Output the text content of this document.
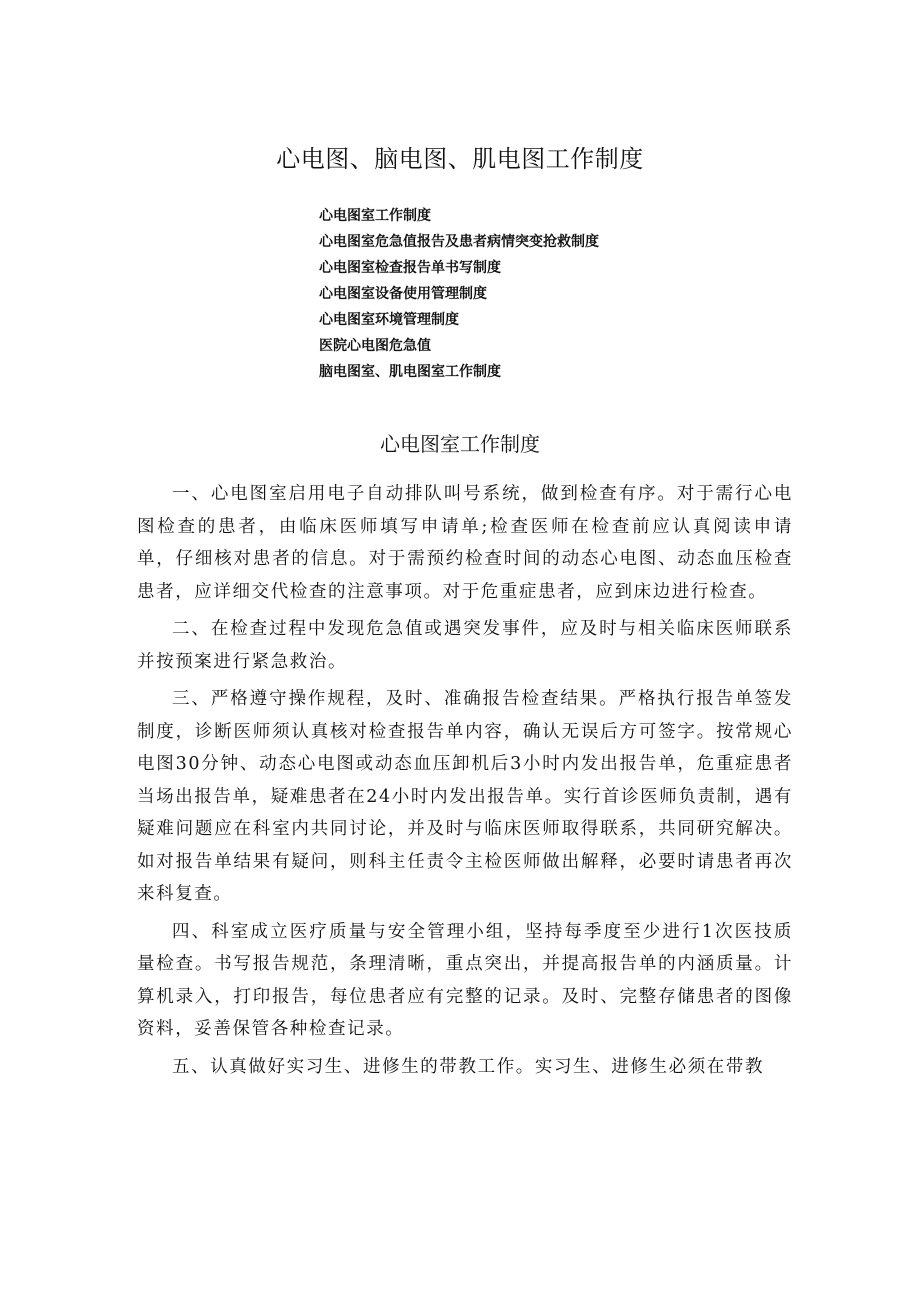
心电图、脑电图、肌电图工作制度
心电图室工作制度
心电图室危急值报告及患者病情突变抢救制度
心电图室检查报告单书写制度
心电图室设备使用管理制度
心电图室环境管理制度
医院心电图危急值
脑电图室、肌电图室工作制度
心电图室工作制度

一、心电图室启用电子自动排队叫号系统，做到检查有序。对于需行心电图检查的患者，由临床医师填写申请单;检查医师在检查前应认真阅读申请单，仔细核对患者的信息。对于需预约检查时间的动态心电图、动态血压检查患者，应详细交代检查的注意事项。对于危重症患者，应到床边进行检查。

二、在检查过程中发现危急值或遇突发事件，应及时与相关临床医师联系并按预案进行紧急救治。

三、严格遵守操作规程，及时、准确报告检查结果。严格执行报告单签发制度，诊断医师须认真核对检查报告单内容，确认无误后方可签字。按常规心电图30分钟、动态心电图或动态血压卸机后3小时内发出报告单，危重症患者当场出报告单，疑难患者在24小时内发出报告单。实行首诊医师负责制，遇有疑难问题应在科室内共同讨论，并及时与临床医师取得联系，共同研究解决。如对报告单结果有疑问，则科主任责令主检医师做出解释，必要时请患者再次来科复查。

四、科室成立医疗质量与安全管理小组，坚持每季度至少进行1次医技质量检查。书写报告规范，条理清晰，重点突出，并提高报告单的内涵质量。计算机录入，打印报告，每位患者应有完整的记录。及时、完整存储患者的图像资料，妥善保管各种检查记录。

五、认真做好实习生、进修生的带教工作。实习生、进修生必须在带教
